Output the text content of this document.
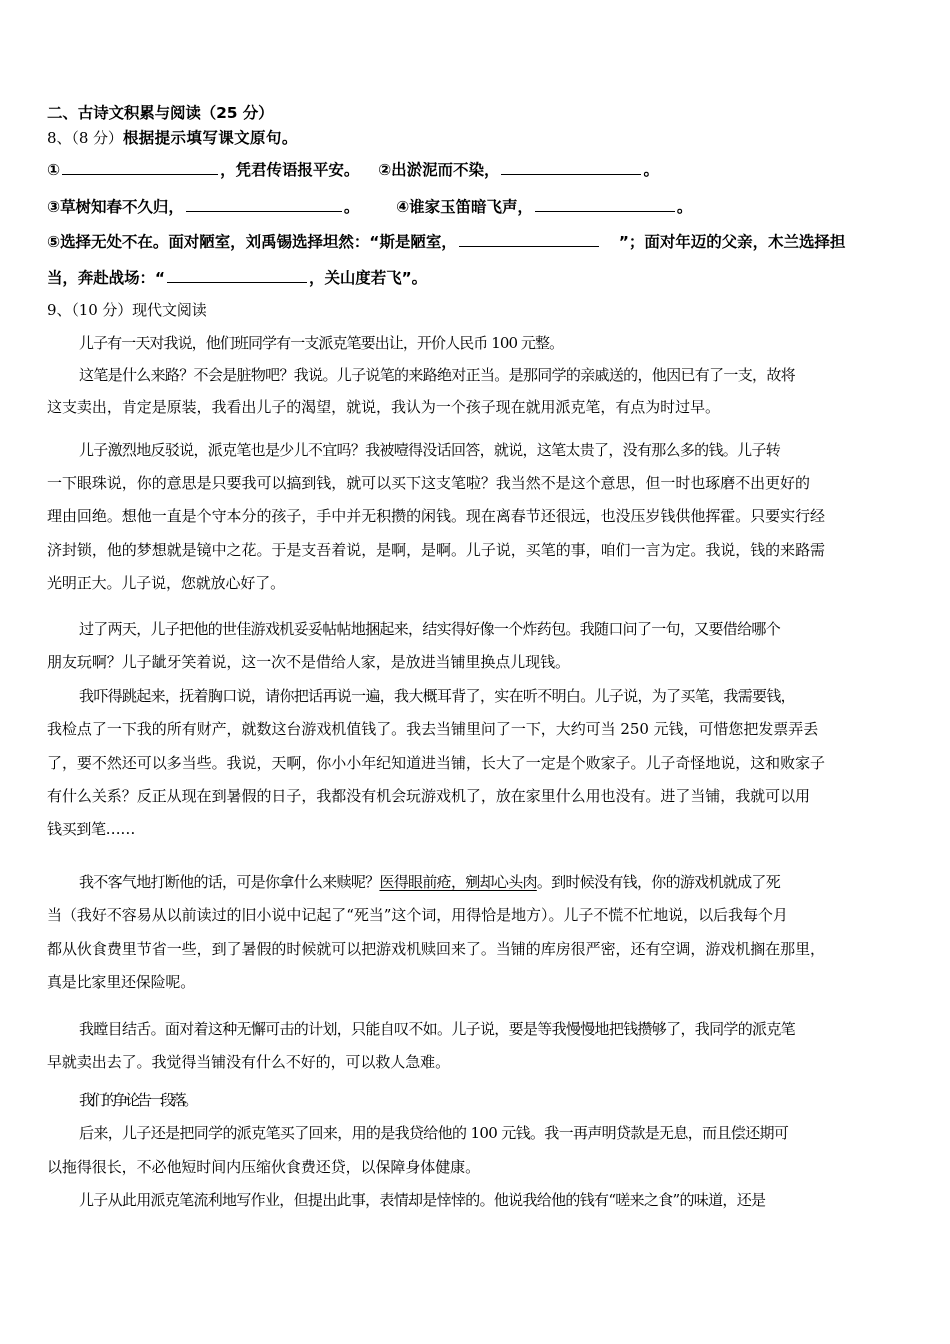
二、古诗文积累与阅读（25 分）
8、（8 分）根据提示填写课文原句。
①	，凭君传语报平安。 ②出淤泥而不染，	。
③草树知春不久归，	。 ④谁家玉笛暗飞声，	。
⑤选择无处不在。面对陋室，刘禹锡选择坦然：“斯是陋室，	”；面对年迈的父亲，木兰选择担
当，奔赴战场：“	，关山度若飞”。
9、（10 分）现代文阅读
儿子有一天对我说，他们班同学有一支派克笔要出让，开价人民币 100 元整。
这笔是什么来路？不会是脏物吧？我说。儿子说笔的来路绝对正当。是那同学的亲戚送的，他因已有了一支，故将
这支卖出，肯定是原装，我看出儿子的渴望，就说，我认为一个孩子现在就用派克笔，有点为时过早。
儿子激烈地反驳说，派克笔也是少儿不宜吗？我被噎得没话回答，就说，这笔太贵了，没有那么多的钱。儿子转
一下眼珠说，你的意思是只要我可以搞到钱，就可以买下这支笔啦？我当然不是这个意思，但一时也琢磨不出更好的
理由回绝。想他一直是个守本分的孩子，手中并无积攒的闲钱。现在离春节还很远，也没压岁钱供他挥霍。只要实行经
济封锁，他的梦想就是镜中之花。于是支吾着说，是啊，是啊。儿子说，买笔的事，咱们一言为定。我说，钱的来路需
光明正大。儿子说，您就放心好了。
过了两天，儿子把他的世佳游戏机妥妥帖帖地捆起来，结实得好像一个炸药包。我随口问了一句，又要借给哪个
朋友玩啊？儿子龇牙笑着说，这一次不是借给人家，是放进当铺里换点儿现钱。
我吓得跳起来，抚着胸口说，请你把话再说一遍，我大概耳背了，实在听不明白。儿子说，为了买笔，我需要钱，
我检点了一下我的所有财产，就数这台游戏机值钱了。我去当铺里问了一下，大约可当 250 元钱，可惜您把发票弄丢
了，要不然还可以多当些。我说，天啊，你小小年纪知道进当铺，长大了一定是个败家子。儿子奇怪地说，这和败家子
有什么关系？反正从现在到暑假的日子，我都没有机会玩游戏机了，放在家里什么用也没有。进了当铺，我就可以用
钱买到笔……
我不客气地打断他的话，可是你拿什么来赎呢？医得眼前疮，剜却心头肉。到时候没有钱，你的游戏机就成了死
当（我好不容易从以前读过的旧小说中记起了“死当”这个词，用得恰是地方）。儿子不慌不忙地说，以后我每个月
都从伙食费里节省一些，到了暑假的时候就可以把游戏机赎回来了。当铺的库房很严密，还有空调，游戏机搁在那里，
真是比家里还保险呢。
我瞠目结舌。面对着这种无懈可击的计划，只能自叹不如。儿子说，要是等我慢慢地把钱攒够了，我同学的派克笔
早就卖出去了。我觉得当铺没有什么不好的，可以救人急难。
我们的争论告一段落。
后来，儿子还是把同学的派克笔买了回来，用的是我贷给他的 100 元钱。我一再声明贷款是无息，而且偿还期可
以拖得很长，不必他短时间内压缩伙食费还贷，以保障身体健康。
儿子从此用派克笔流利地写作业，但提出此事，表情却是悻悻的。他说我给他的钱有“嗟来之食”的味道，还是
